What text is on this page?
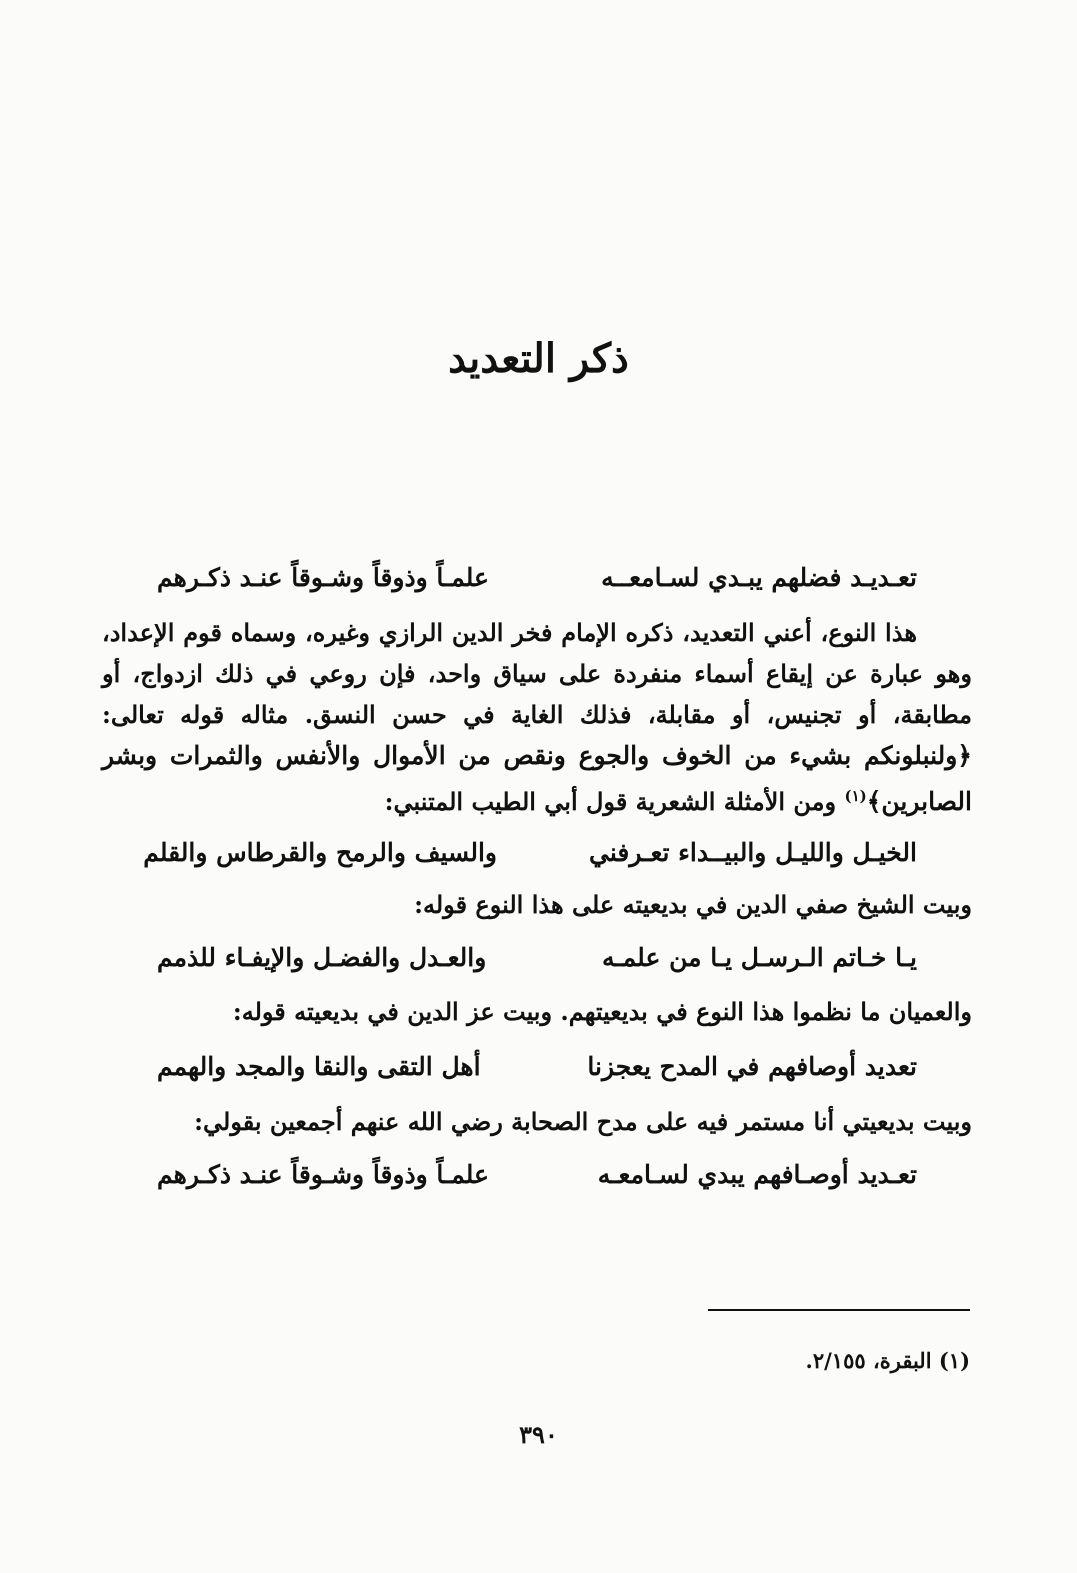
ذكر التعديد
تعـديـد فضلهم يبـدي لسـامعــه
علمـاً وذوقاً وشـوقاً عنـد ذكـرهم
هذا النوع، أعني التعديد، ذكره الإمام فخر الدين الرازي وغيره، وسماه قوم الإعداد، وهو عبارة عن إيقاع أسماء منفردة على سياق واحد، فإن روعي في ذلك ازدواج، أو مطابقة، أو تجنيس، أو مقابلة، فذلك الغاية في حسن النسق. مثاله قوله تعالى: ﴿ولنبلونكم بشيء من الخوف والجوع ونقص من الأموال والأنفس والثمرات وبشر الصابرين﴾$^{(١)}$ ومن الأمثلة الشعرية قول أبي الطيب المتنبي:
الخيـل والليـل والبيــداء تعـرفني
والسيف والرمح والقرطاس والقلم
وبيت الشيخ صفي الدين في بديعيته على هذا النوع قوله:
يـا خـاتم الـرسـل يـا من علمـه
والعـدل والفضـل والإيفـاء للذمم
والعميان ما نظموا هذا النوع في بديعيتهم. وبيت عز الدين في بديعيته قوله:
تعديد أوصافهم في المدح يعجزنا
أهل التقى والنقا والمجد والهمم
وبيت بديعيتي أنا مستمر فيه على مدح الصحابة رضي الله عنهم أجمعين بقولي:
تعـديد أوصـافهم يبدي لسـامعـه
علمـاً وذوقاً وشـوقاً عنـد ذكـرهم
(١) البقرة، ٢/١٥٥.
٣٩٠
